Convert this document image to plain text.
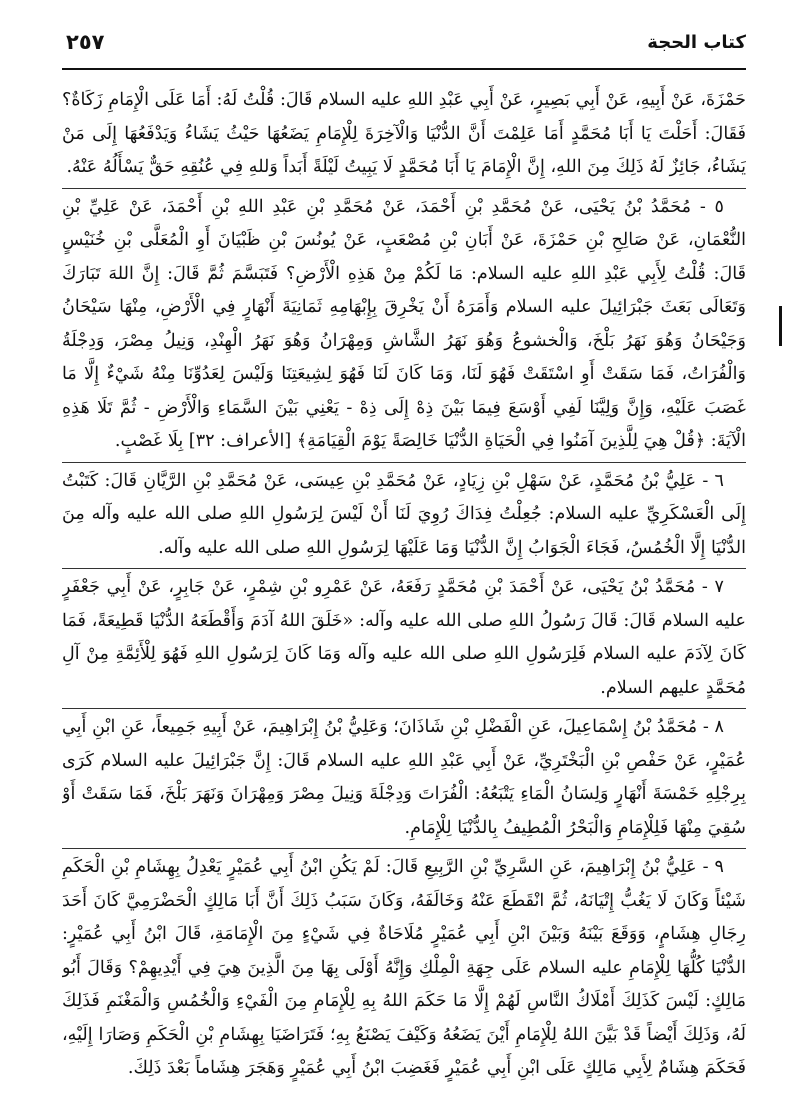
٢٥٧	كتاب الحجة

حَمْزَةَ، عَنْ أَبِيهِ، عَنْ أَبِي بَصِيرٍ، عَنْ أَبِي عَبْدِ اللهِ عليه السلام قَالَ: قُلْتُ لَهُ: أَمَا عَلَى الْإِمَامِ زَكَاةٌ؟ فَقَالَ: أَحَلْتَ يَا أَبَا مُحَمَّدٍ أَمَا عَلِمْتَ أَنَّ الدُّنْيَا وَالْآخِرَةَ لِلْإِمَامِ يَضَعُهَا حَيْثُ يَشَاءُ وَيَدْفَعُهَا إِلَى مَنْ يَشَاءُ، جَائِزٌ لَهُ ذَلِكَ مِنَ اللهِ، إِنَّ الْإِمَامَ يَا أَبَا مُحَمَّدٍ لَا يَبِيتُ لَيْلَةً أَبَداً وَللهِ فِي عُنُقِهِ حَقٌّ يَسْأَلُهُ عَنْهُ.

٥ - مُحَمَّدُ بْنُ يَحْيَى، عَنْ مُحَمَّدِ بْنِ أَحْمَدَ، عَنْ مُحَمَّدِ بْنِ عَبْدِ اللهِ بْنِ أَحْمَدَ، عَنْ عَلِيِّ بْنِ النُّعْمَانِ، عَنْ صَالِحِ بْنِ حَمْزَةَ، عَنْ أَبَانِ بْنِ مُصْعَبٍ، عَنْ يُونُسَ بْنِ ظَبْيَانَ أَوِ الْمُعَلَّى بْنِ خُنَيْسٍ قَالَ: قُلْتُ لِأَبِي عَبْدِ اللهِ عليه السلام: مَا لَكُمْ مِنْ هَذِهِ الْأَرْضِ؟ فَتَبَسَّمَ ثُمَّ قَالَ: إِنَّ اللهَ تَبَارَكَ وَتَعَالَى بَعَثَ جَبْرَائِيلَ عليه السلام وَأَمَرَهُ أَنْ يَخْرِقَ بِإِبْهَامِهِ ثَمَانِيَةَ أَنْهَارٍ فِي الْأَرْضِ، مِنْهَا سَيْحَانُ وَجَيْحَانُ وَهُوَ نَهَرُ بَلْخَ، وَالْخشوعُ وَهُوَ نَهَرُ الشَّاشِ وَمِهْرَانُ وَهُوَ نَهَرُ الْهِنْدِ، وَنِيلُ مِصْرَ، وَدِجْلَةُ وَالْفُرَاتُ، فَمَا سَقَتْ أَوِ اسْتَقَتْ فَهُوَ لَنَا، وَمَا كَانَ لَنَا فَهُوَ لِشِيعَتِنَا وَلَيْسَ لِعَدُوِّنَا مِنْهُ شَيْءٌ إِلَّا مَا غَصَبَ عَلَيْهِ، وَإِنَّ وَلِيَّنَا لَفِي أَوْسَعَ فِيمَا بَيْنَ ذِهْ إِلَى ذِهْ - يَعْنِي بَيْنَ السَّمَاءِ وَالْأَرْضِ - ثُمَّ تَلَا هَذِهِ الْآيَةَ: ﴿قُلْ هِيَ لِلَّذِينَ آمَنُوا فِي الْحَيَاةِ الدُّنْيَا خَالِصَةً يَوْمَ الْقِيَامَةِ﴾ [الأعراف: ٣٢] بِلَا غَصْبٍ.

٦ - عَلِيُّ بْنُ مُحَمَّدٍ، عَنْ سَهْلِ بْنِ زِيَادٍ، عَنْ مُحَمَّدِ بْنِ عِيسَى، عَنْ مُحَمَّدِ بْنِ الرَّيَّانِ قَالَ: كَتَبْتُ إِلَى الْعَسْكَرِيِّ عليه السلام: جُعِلْتُ فِدَاكَ رُوِيَ لَنَا أَنْ لَيْسَ لِرَسُولِ اللهِ صلى الله عليه وآله مِنَ الدُّنْيَا إِلَّا الْخُمُسُ، فَجَاءَ الْجَوَابُ إِنَّ الدُّنْيَا وَمَا عَلَيْهَا لِرَسُولِ اللهِ صلى الله عليه وآله.

٧ - مُحَمَّدُ بْنُ يَحْيَى، عَنْ أَحْمَدَ بْنِ مُحَمَّدٍ رَفَعَهُ، عَنْ عَمْرِو بْنِ شِمْرٍ، عَنْ جَابِرٍ، عَنْ أَبِي جَعْفَرٍ عليه السلام قَالَ: قَالَ رَسُولُ اللهِ صلى الله عليه وآله: «خَلَقَ اللهُ آدَمَ وَأَقْطَعَهُ الدُّنْيَا قَطِيعَةً، فَمَا كَانَ لِآدَمَ عليه السلام فَلِرَسُولِ اللهِ صلى الله عليه وآله وَمَا كَانَ لِرَسُولِ اللهِ فَهُوَ لِلْأَئِمَّةِ مِنْ آلِ مُحَمَّدٍ عليهم السلام.

٨ - مُحَمَّدُ بْنُ إِسْمَاعِيلَ، عَنِ الْفَضْلِ بْنِ شَاذَانَ؛ وَعَلِيُّ بْنُ إِبْرَاهِيمَ، عَنْ أَبِيهِ جَمِيعاً، عَنِ ابْنِ أَبِي عُمَيْرٍ، عَنْ حَفْصِ بْنِ الْبَخْتَرِيِّ، عَنْ أَبِي عَبْدِ اللهِ عليه السلام قَالَ: إِنَّ جَبْرَائِيلَ عليه السلام كَرَى بِرِجْلِهِ خَمْسَةَ أَنْهَارٍ وَلِسَانُ الْمَاءِ يَتْبَعُهُ: الْفُرَاتَ وَدِجْلَةَ وَنِيلَ مِصْرَ وَمِهْرَانَ وَنَهَرَ بَلْخَ، فَمَا سَقَتْ أَوْ سُقِيَ مِنْهَا فَلِلْإِمَامِ وَالْبَحْرُ الْمُطِيفُ بِالدُّنْيَا لِلْإِمَامِ.

٩ - عَلِيُّ بْنُ إِبْرَاهِيمَ، عَنِ السَّرِيِّ بْنِ الرَّبِيعِ قَالَ: لَمْ يَكُنِ ابْنُ أَبِي عُمَيْرٍ يَعْدِلُ بِهِشَامِ بْنِ الْحَكَمِ شَيْئاً وَكَانَ لَا يَغُبُّ إِتْيَانَهُ، ثُمَّ انْقَطَعَ عَنْهُ وَخَالَفَهُ، وَكَانَ سَبَبُ ذَلِكَ أَنَّ أَبَا مَالِكٍ الْحَضْرَمِيَّ كَانَ أَحَدَ رِجَالِ هِشَامٍ، وَوَقَعَ بَيْنَهُ وَبَيْنَ ابْنِ أَبِي عُمَيْرٍ مُلَاحَاةٌ فِي شَيْءٍ مِنَ الْإِمَامَةِ، قَالَ ابْنُ أَبِي عُمَيْرٍ: الدُّنْيَا كُلُّهَا لِلْإِمَامِ عليه السلام عَلَى جِهَةِ الْمِلْكِ وَإِنَّهُ أَوْلَى بِهَا مِنَ الَّذِينَ هِيَ فِي أَيْدِيهِمْ؟ وَقَالَ أَبُو مَالِكٍ: لَيْسَ كَذَلِكَ أَمْلَاكُ النَّاسِ لَهُمْ إِلَّا مَا حَكَمَ اللهُ بِهِ لِلْإِمَامِ مِنَ الْفَيْءِ وَالْخُمُسِ وَالْمَغْنَمِ فَذَلِكَ لَهُ، وَذَلِكَ أَيْضاً قَدْ بَيَّنَ اللهُ لِلْإِمَامِ أَيْنَ يَضَعُهُ وَكَيْفَ يَصْنَعُ بِهِ؛ فَتَرَاضَيَا بِهِشَامِ بْنِ الْحَكَمِ وَصَارَا إِلَيْهِ، فَحَكَمَ هِشَامٌ لِأَبِي مَالِكٍ عَلَى ابْنِ أَبِي عُمَيْرٍ فَغَضِبَ ابْنُ أَبِي عُمَيْرٍ وَهَجَرَ هِشَاماً بَعْدَ ذَلِكَ.
